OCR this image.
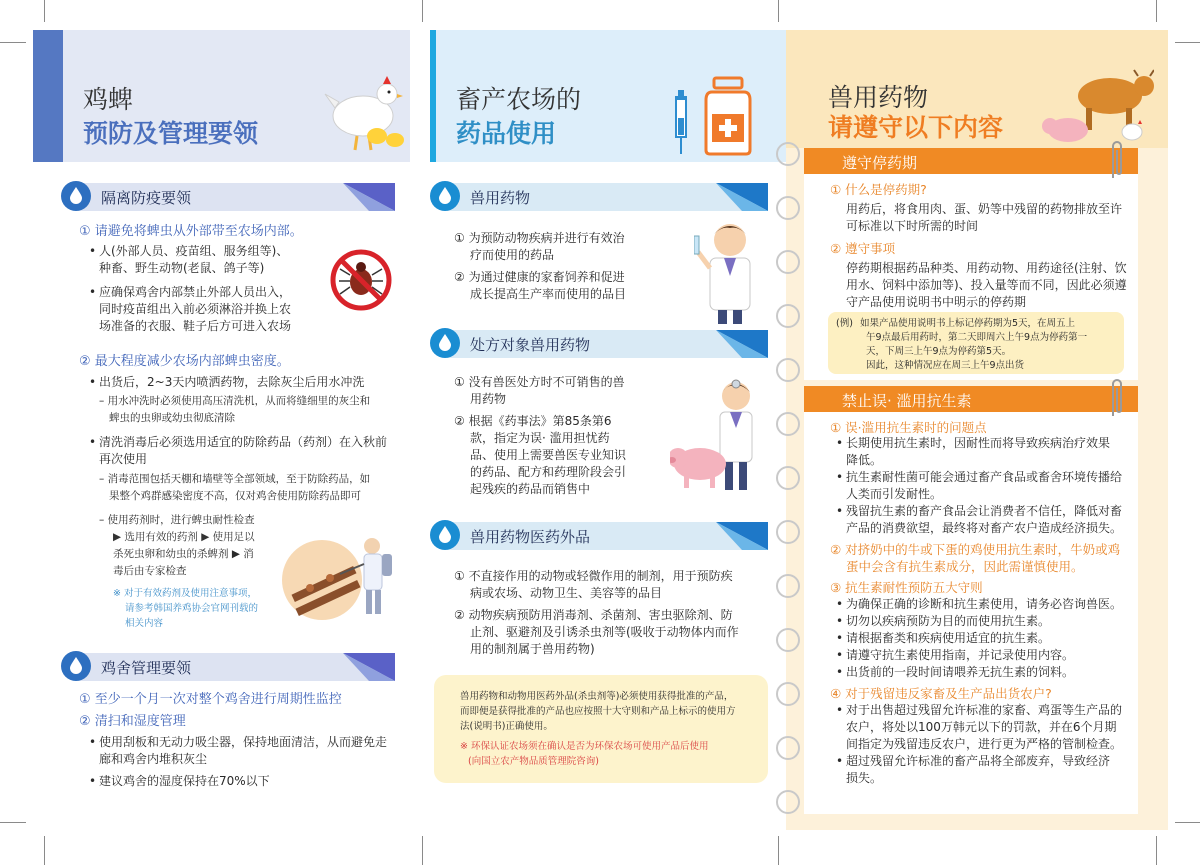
鸡蜱
预防及管理要领
隔离防疫要领
① 请避免将蜱虫从外部带至农场内部。
• 人(外部人员、疫苗组、服务组等)、
种畜、野生动物(老鼠、鸽子等)
• 应确保鸡舍内部禁止外部人员出入，
同时疫苗组出入前必须淋浴并换上农
场准备的衣服、鞋子后方可进入农场
② 最大程度减少农场内部蜱虫密度。
• 出货后，2~3天内喷洒药物，去除灰尘后用水冲洗
– 用水冲洗时必须使用高压清洗机，从而将缝细里的灰尘和
蜱虫的虫卵或幼虫彻底清除
• 清洗消毒后必须选用适宜的防除药品（药剂）在入秋前
再次使用
– 消毒范围包括天棚和墙壁等全部领域，至于防除药品，如
果整个鸡群感染密度不高，仅对鸡舍使用防除药品即可
– 使用药剂时，进行蜱虫耐性检查
▶ 选用有效的药剂 ▶ 使用足以
杀死虫卵和幼虫的杀蜱剂 ▶ 消
毒后由专家检查
※ 对于有效药剂及使用注意事项，
请参考韩国养鸡协会官网刊载的
相关内容
鸡舍管理要领
① 至少一个月一次对整个鸡舍进行周期性监控
② 清扫和湿度管理
• 使用刮板和无动力吸尘器，保持地面清洁，从而避免走
廊和鸡舍内堆积灰尘
• 建议鸡舍的湿度保持在70%以下
畜产农场的
药品使用
兽用药物
① 为预防动物疾病并进行有效治
疗而使用的药品
② 为通过健康的家畜饲养和促进
成长提高生产率而使用的品目
处方对象兽用药物
① 没有兽医处方时不可销售的兽
用药物
② 根据《药事法》第85条第6
款，指定为误· 滥用担忧药
品、使用上需要兽医专业知识
的药品、配方和药理阶段会引
起残疾的药品而销售中
兽用药物医药外品
① 不直接作用的动物或轻微作用的制剂，用于预防疾
病或农场、动物卫生、美容等的品目
② 动物疾病预防用消毒剂、杀菌剂、害虫驱除剂、防
止剂、驱避剂及引诱杀虫剂等(吸收于动物体内而作
用的制剂属于兽用药物)
兽用药物和动物用医药外品(杀虫剂等)必须使用获得批准的产品，
而即便是获得批准的产品也应按照十大守则和产品上标示的使用方
法(说明书)正确使用。
※ 环保认证农场须在确认是否为环保农场可使用产品后使用
(向国立农产物品质管理院咨询)
兽用药物
请遵守以下内容
遵守停药期
① 什么是停药期?
用药后，将食用肉、蛋、奶等中残留的药物排放至许
可标准以下时所需的时间
② 遵守事项
停药期根据药品种类、用药动物、用药途径(注射、饮
用水、饲料中添加等)、投入量等而不同，因此必须遵
守产品使用说明书中明示的停药期
(例) 如果产品使用说明书上标记停药期为5天，在周五上
午9点最后用药时，第二天即周六上午9点为停药第一
天，下周三上午9点为停药第5天。
因此，这种情况应在周三上午9点出货
禁止误· 滥用抗生素
① 误·滥用抗生素时的问题点
• 长期使用抗生素时，因耐性而将导致疾病治疗效果
降低。
• 抗生素耐性菌可能会通过畜产食品或畜舍环境传播给
人类而引发耐性。
• 残留抗生素的畜产食品会让消费者不信任，降低对畜
产品的消费欲望，最终将对畜产农户造成经济损失。
② 对挤奶中的牛或下蛋的鸡使用抗生素时，牛奶或鸡
蛋中会含有抗生素成分，因此需谨慎使用。
③ 抗生素耐性预防五大守则
• 为确保正确的诊断和抗生素使用，请务必咨询兽医。
• 切勿以疾病预防为目的而使用抗生素。
• 请根据畜类和疾病使用适宜的抗生素。
• 请遵守抗生素使用指南，并记录使用内容。
• 出货前的一段时间请喂养无抗生素的饲料。
④ 对于残留违反家畜及生产品出货农户?
• 对于出售超过残留允许标准的家畜、鸡蛋等生产品的
农户，将处以100万韩元以下的罚款，并在6个月期
间指定为残留违反农户，进行更为严格的管制检查。
• 超过残留允许标准的畜产品将全部废弃，导致经济
损失。
